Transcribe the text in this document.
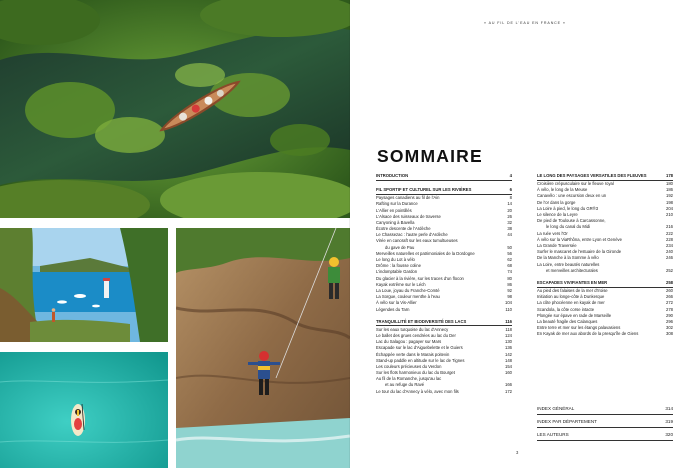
« AU FIL DE L'EAU EN FRANCE »
SOMMAIRE
INTRODUCTION	4
FIL SPORTIF ET CULTUREL SUR LES RIVIÈRES	6
Paysages canadiens au fil de l'Ain	8
Rafting sur la Durance	14
L'Allier en pointillés	20
L'Alsace des ruisseaux de traverse	26
Canyoning à Bavella	32
Écotre descente de l'Ardèche	38
Le Chassezac : l'autre perle d'Ardèche	44
Virée en canoraft sur les eaux tumultueuses
du gave de Pau	50
Merveilles naturelles et patrimoniales de la Dordogne	56
Le long du Lot à vélo	62
Drôme : la fousse coline	68
L'indomptable Gardon	74
Du glacier à la rivière, sur les traces d'un flocon	80
Kayak extrême sur le Léch	86
La Loue, joyau du Franche-Comté	92
La Sorgue, couleur menthe à l'eau	98
À vélo sur la Vis-Allier	104
Légendes du Tarn	110
TRANQUILLITÉ ET BIODIVERSITÉ DES LACS	116
Sur les eaux turquoise du lac d'Annecy	118
Le ballet des grues cendrées au lac du Der	124
Lac du Salagou : pagayer sur Mars	130
Escapade sur le lac d'Aiguebelette et le Guiers	136
Échappée verte dans le Marais poitevin	142
Stand-up paddle en altitude sur le lac de Tignes	148
Les couleurs précieuses du Verdon	154
Sur les flots harmonieux du lac du Bourget	160
Au fil de la Romanche, jusqu'au lac
et au refuge du Ravé	166
Le tour du lac d'Annecy à vélo, avec mon fils	172
LE LONG DES PAYSAGES VERSATILES DES FLEUVES	178
Croisière crépusculaire sur le fleuve royal	180
À vélo, le long de la Meuse	186
Canavélo : une escursion deux en un	192
De l'or dans la gorge	198
La Loire à pied, le long du GR®3	204
Le silence de la Leyre	210
De pied de Toulouse à Carcassonne,
le long du canal du Midi	216
La ruée vers l'Or	222
À vélo sur la ViaRhôna, entre Lyon et Genève	228
La Grande Traversée	234
Surfer le mascaret de l'estuaire de la Gironde	240
De la Manche à la Somme à vélo	246
La Loire, entre beautés naturelles
et merveilles architecturales	252
ESCAPADES VIVIFIANTES EN MER	258
Au pied des falaises de la mer d'Iroise	260
Initiation au longe-côte à Dunkerque	266
La côte phocéenne en kayak de mer	272
Scandola, la côte corse intacte	278
Plongée sur épave en rade de Marseille	290
La beauté fragile des Calanques	296
Entre terre et mer sur les étangs palavasiens	302
En Kayak de mer aux abords de la presqu'île de Giens	308
INDEX GÉNÉRAL	314
INDEX PAR DÉPARTEMENT	319
LES AUTEURS	320
3
